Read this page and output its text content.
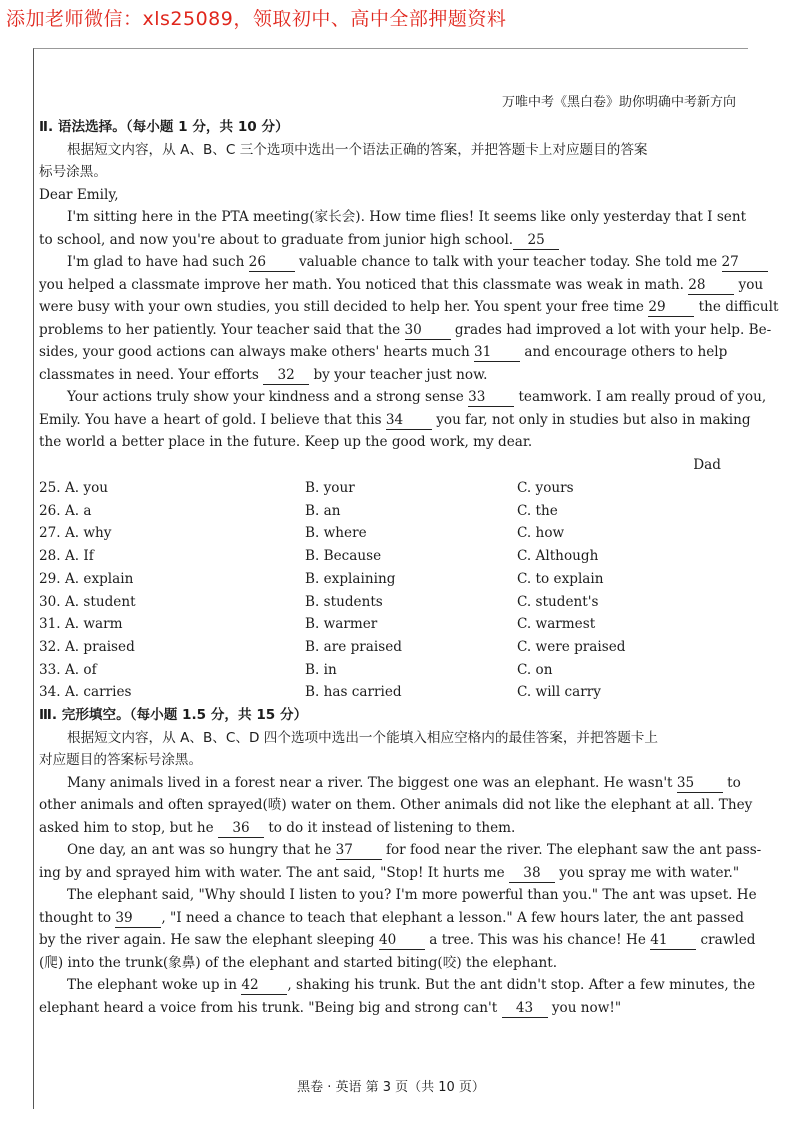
添加老师微信：xls25089，领取初中、高中全部押题资料
万唯中考《黑白卷》助你明确中考新方向
Ⅱ. 语法选择。（每小题 1 分，共 10 分）
根据短文内容，从 A、B、C 三个选项中选出一个语法正确的答案，并把答题卡上对应题目的答案
标号涂黑。
Dear Emily,
I'm sitting here in the PTA meeting(家长会). How time flies! It seems like only yesterday that I sent
to school, and now you're about to graduate from junior high school. 25
I'm glad to have had such 26 valuable chance to talk with your teacher today. She told me 27
you helped a classmate improve her math. You noticed that this classmate was weak in math. 28 you
were busy with your own studies, you still decided to help her. You spent your free time 29 the difficult
problems to her patiently. Your teacher said that the 30 grades had improved a lot with your help. Be-
sides, your good actions can always make others' hearts much 31 and encourage others to help
classmates in need. Your efforts 32 by your teacher just now.
Your actions truly show your kindness and a strong sense 33 teamwork. I am really proud of you,
Emily. You have a heart of gold. I believe that this 34 you far, not only in studies but also in making
the world a better place in the future. Keep up the good work, my dear.
Dad
25. A. you	B. your	C. yours
26. A. a	B. an	C. the
27. A. why	B. where	C. how
28. A. If	B. Because	C. Although
29. A. explain	B. explaining	C. to explain
30. A. student	B. students	C. student's
31. A. warm	B. warmer	C. warmest
32. A. praised	B. are praised	C. were praised
33. A. of	B. in	C. on
34. A. carries	B. has carried	C. will carry
Ⅲ. 完形填空。（每小题 1.5 分，共 15 分）
根据短文内容，从 A、B、C、D 四个选项中选出一个能填入相应空格内的最佳答案，并把答题卡上
对应题目的答案标号涂黑。
Many animals lived in a forest near a river. The biggest one was an elephant. He wasn't 35 to
other animals and often sprayed(喷) water on them. Other animals did not like the elephant at all. They
asked him to stop, but he 36 to do it instead of listening to them.
One day, an ant was so hungry that he 37 for food near the river. The elephant saw the ant pass-
ing by and sprayed him with water. The ant said, "Stop! It hurts me 38 you spray me with water."
The elephant said, "Why should I listen to you? I'm more powerful than you." The ant was upset. He
thought to 39 , "I need a chance to teach that elephant a lesson." A few hours later, the ant passed
by the river again. He saw the elephant sleeping 40 a tree. This was his chance! He 41 crawled
(爬) into the trunk(象鼻) of the elephant and started biting(咬) the elephant.
The elephant woke up in 42 , shaking his trunk. But the ant didn't stop. After a few minutes, the
elephant heard a voice from his trunk. "Being big and strong can't 43 you now!"
黑卷 · 英语 第 3 页（共 10 页）
